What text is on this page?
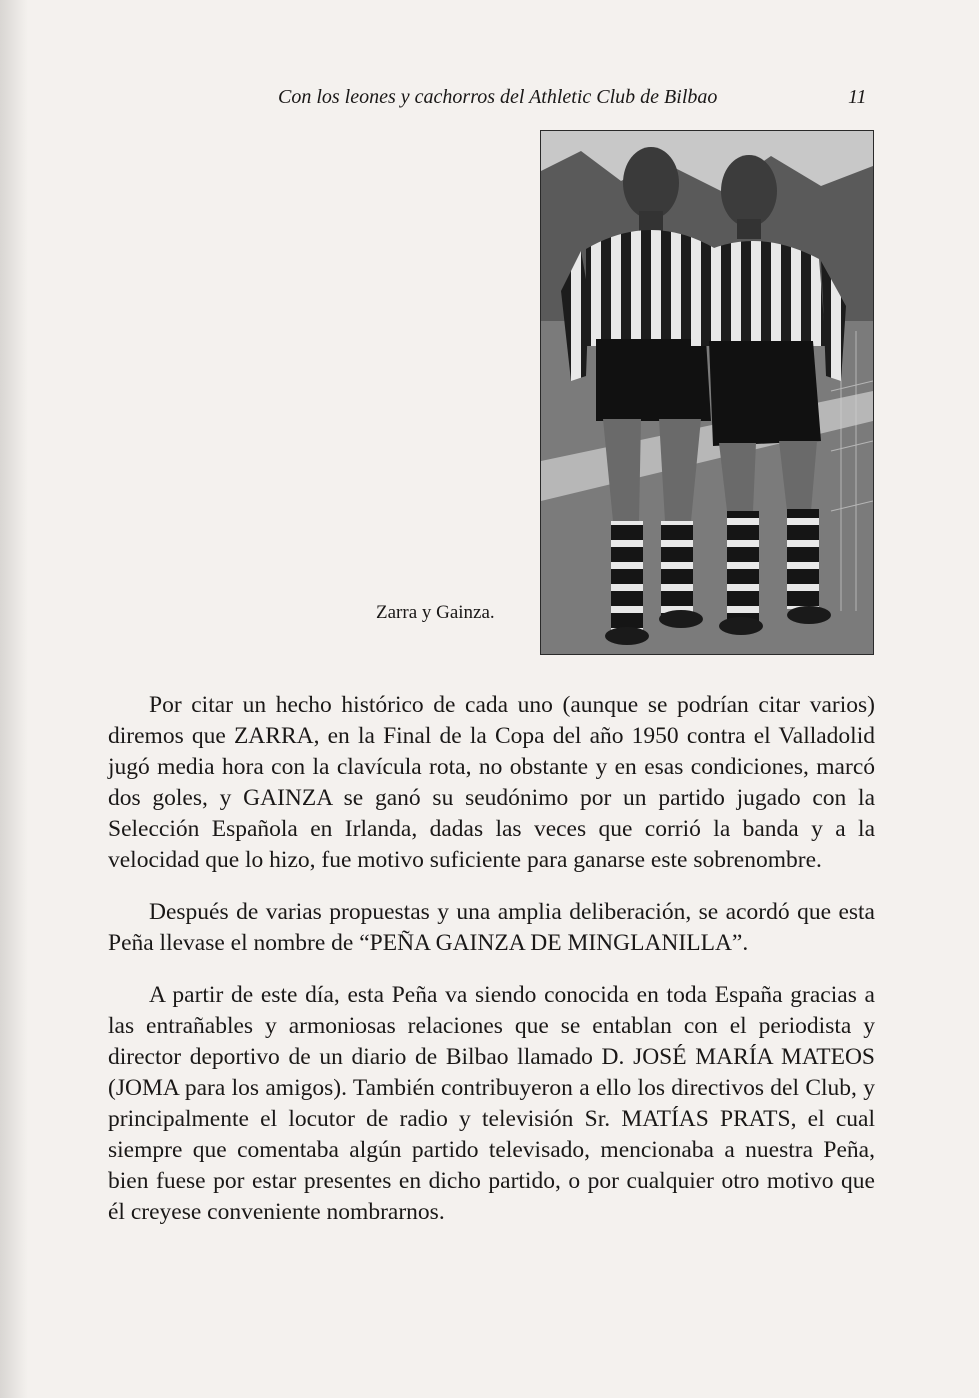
Con los leones y cachorros del Athletic Club de Bilbao	11
Zarra y Gainza.

Por citar un hecho histórico de cada uno (aunque se podrían citar varios) diremos que ZARRA, en la Final de la Copa del año 1950 contra el Valladolid jugó media hora con la clavícula rota, no obstante y en esas condiciones, marcó dos goles, y GAINZA se ganó su seudónimo por un partido jugado con la Selección Española en Irlanda, dadas las veces que corrió la banda y a la velocidad que lo hizo, fue motivo suficiente para ganarse este sobrenombre.

Después de varias propuestas y una amplia deliberación, se acordó que esta Peña llevase el nombre de “PEÑA GAINZA DE MINGLANILLA”.

A partir de este día, esta Peña va siendo conocida en toda España gracias a las entrañables y armoniosas relaciones que se entablan con el periodista y director deportivo de un diario de Bilbao llamado D. JOSÉ MARÍA MATEOS (JOMA para los amigos). También contribuyeron a ello los directivos del Club, y principalmente el locutor de radio y televisión Sr. MATÍAS PRATS, el cual siempre que comentaba algún partido televisado, mencionaba a nuestra Peña, bien fuese por estar presentes en dicho partido, o por cualquier otro motivo que él creyese conveniente nombrarnos.
